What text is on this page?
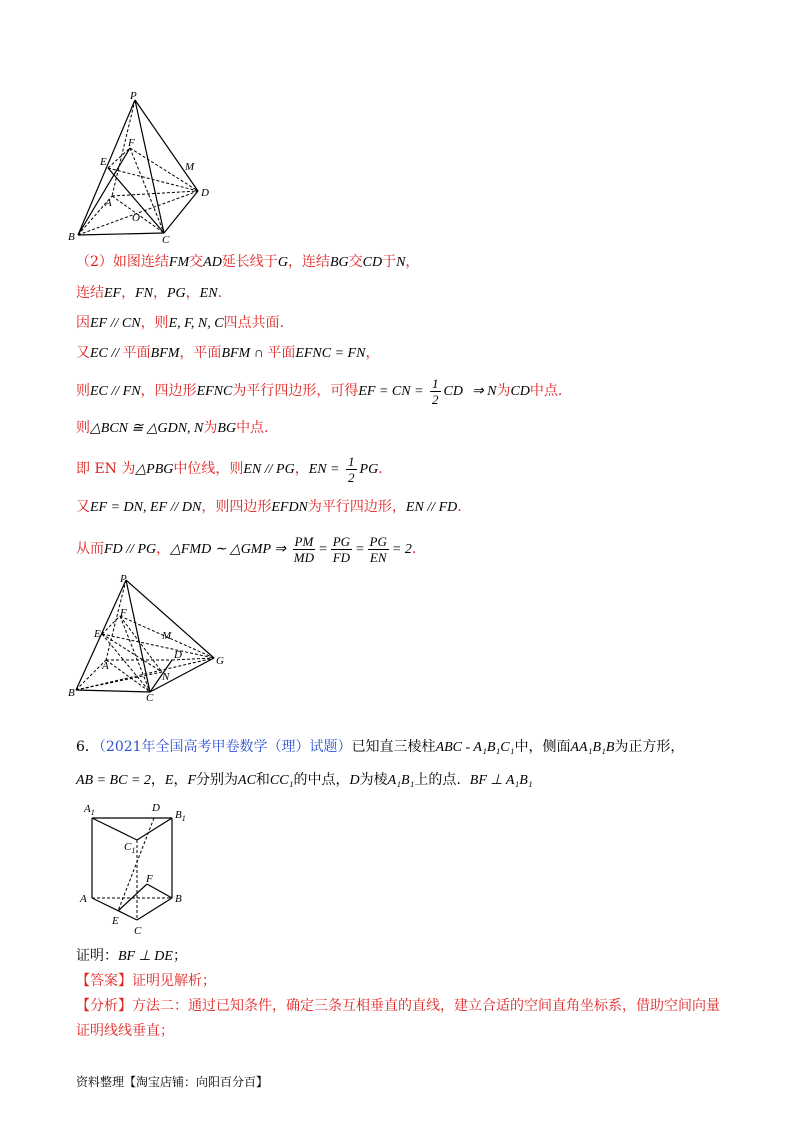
P
F
M
E
D
A
O
B	C
（2）如图连结FM交AD延长线于G，连结BG交CD于N，
连结EF，FN，PG，EN.
因EF // CN，则E, F, N, C四点共面.
又EC // 平面BFM，平面BFM ∩ 平面EFNC = FN，
则EC // FN，四边形EFNC为平行四边形，可得EF = CN = $\frac{1}{2}$ CD ⇒ N为CD中点.
则△BCN ≅ △GDN, N为BG中点.
即 EN 为△PBG中位线，则EN // PG，EN = $\frac{1}{2}$ PG.
又EF = DN, EF // DN，则四边形EFDN为平行四边形，EN // FD.
从而FD // PG，△FMD ∼ △GMP ⇒ $\frac{PM}{MD} = \frac{PG}{FD} = \frac{PG}{EN} = 2$.
P
F
E	M
D	G
A
N
B	C
6．（2021年全国高考甲卷数学（理）试题）已知直三棱柱ABC - A₁B₁C₁中，侧面AA₁B₁B为正方形，
AB = BC = 2，E，F分别为AC和CC₁的中点，D为棱A₁B₁上的点. BF ⊥ A₁B₁
$A_1$	D
$B_1$
$C_1$
F
A	B
E
C
证明：BF ⊥ DE；
【答案】证明见解析；
【分析】方法二：通过已知条件，确定三条互相垂直的直线，建立合适的空间直角坐标系，借助空间向量
证明线线垂直；
资料整理【淘宝店铺：向阳百分百】
